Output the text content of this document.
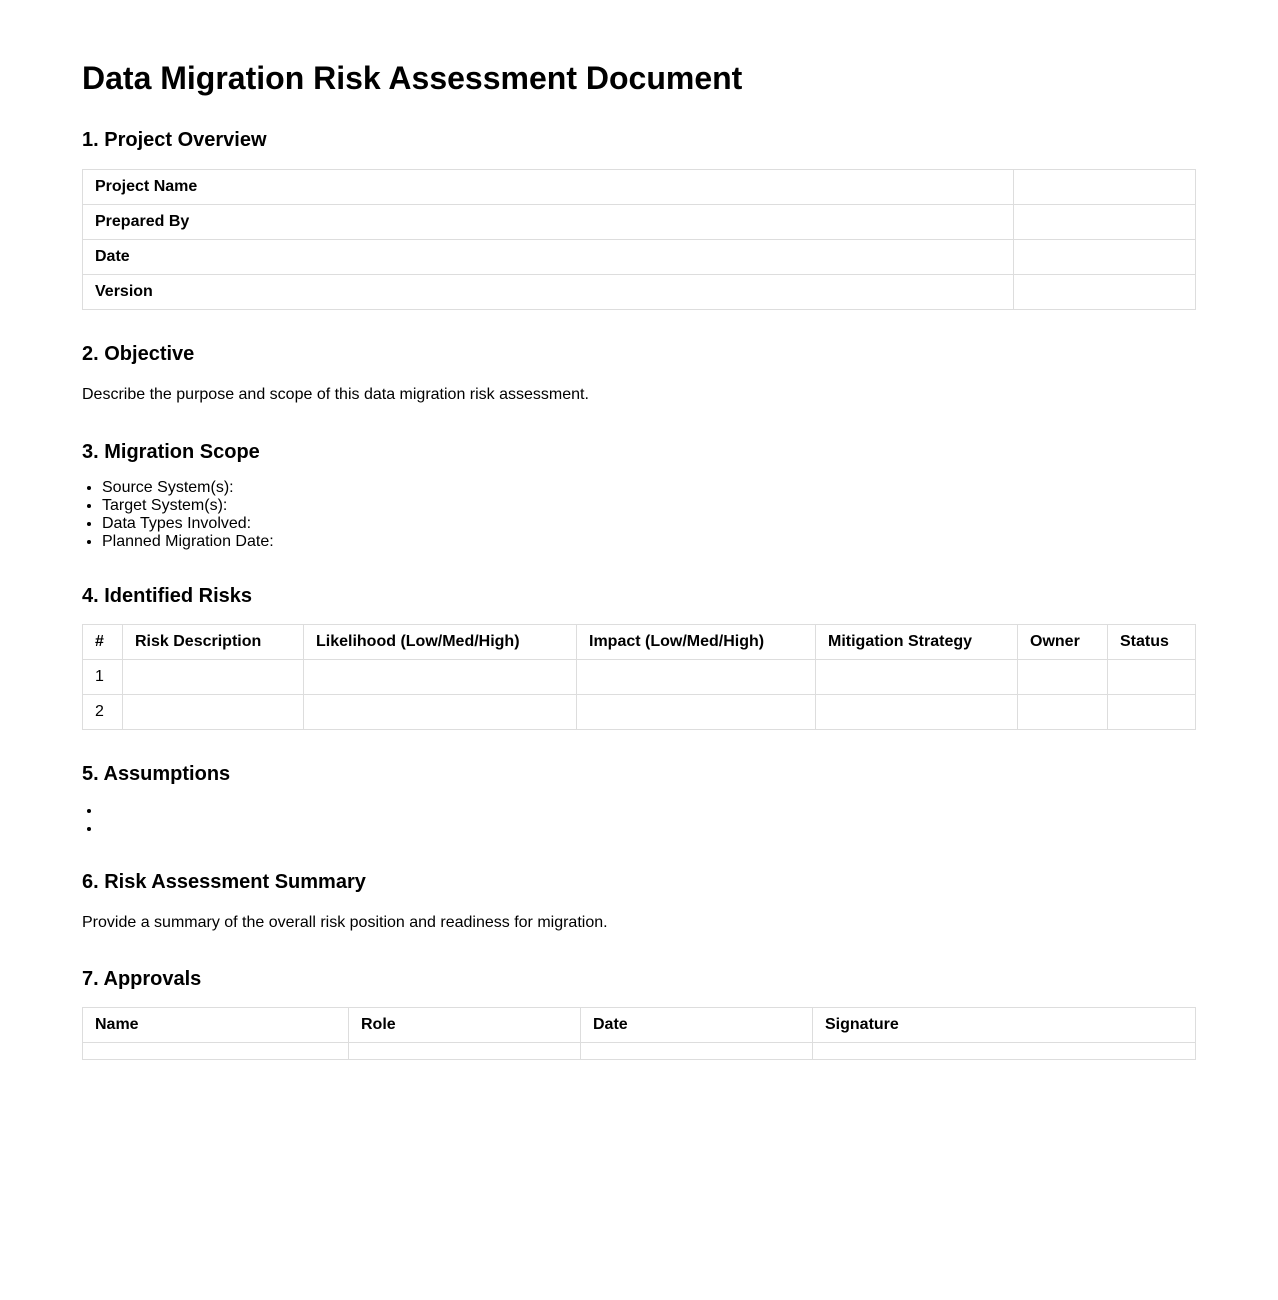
Data Migration Risk Assessment Document
1. Project Overview
Project Name	
Prepared By	
Date	
Version	
2. Objective

Describe the purpose and scope of this data migration risk assessment.

3. Migration Scope
• Source System(s):
• Target System(s):
• Data Types Involved:
• Planned Migration Date:
4. Identified Risks
#	Risk Description	Likelihood (Low/Med/High)	Impact (Low/Med/High)	Mitigation Strategy	Owner	Status
1						
2						
5. Assumptions
•
•
6. Risk Assessment Summary

Provide a summary of the overall risk position and readiness for migration.

7. Approvals
Name	Role	Date	Signature
